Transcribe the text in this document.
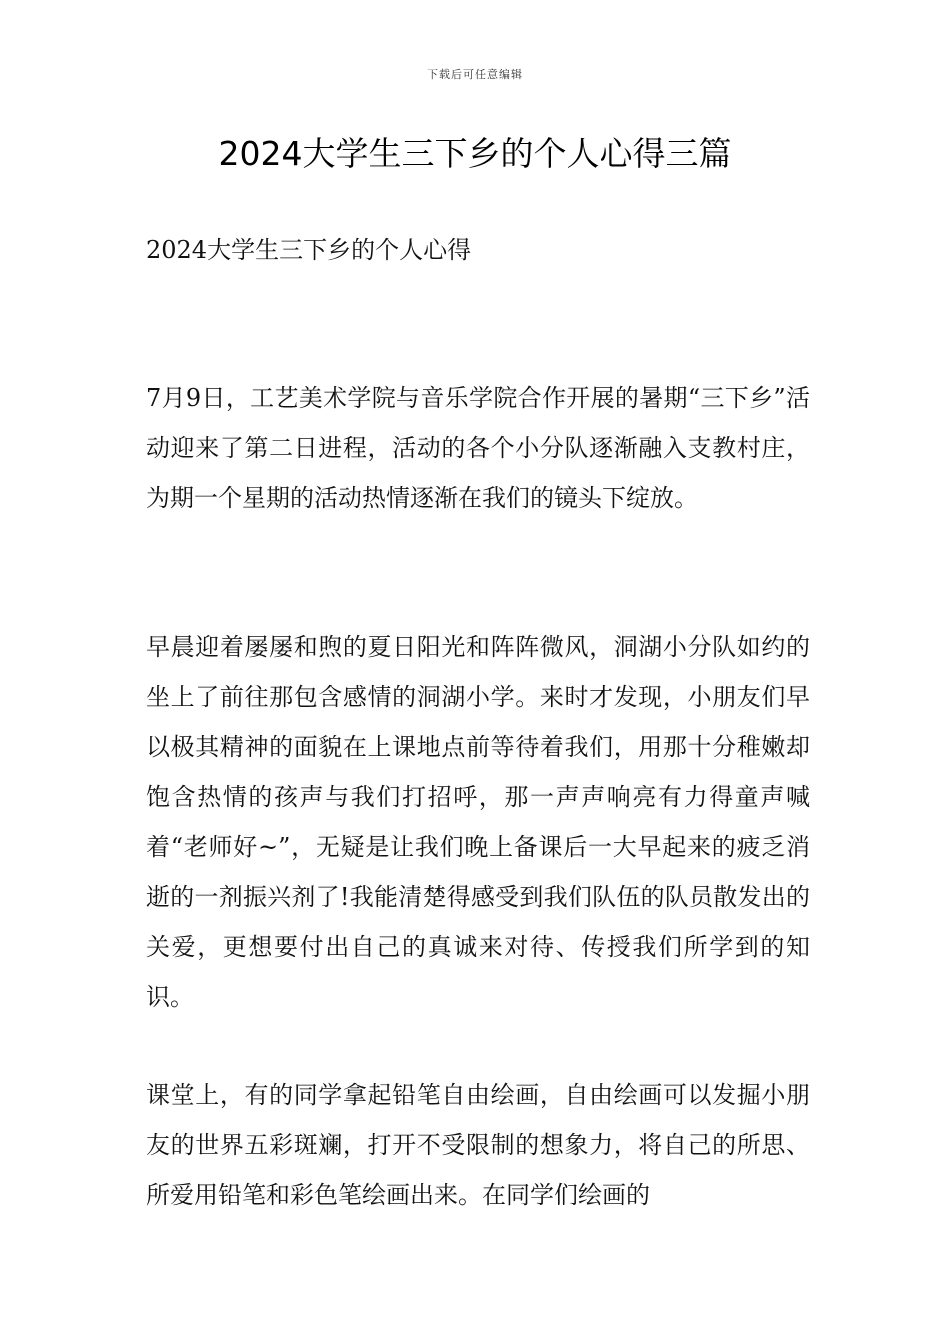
下载后可任意编辑
2024大学生三下乡的个人心得三篇

2024大学生三下乡的个人心得

7月9日，工艺美术学院与音乐学院合作开展的暑期“三下乡”活动迎来了第二日进程，活动的各个小分队逐渐融入支教村庄，为期一个星期的活动热情逐渐在我们的镜头下绽放。

早晨迎着屡屡和煦的夏日阳光和阵阵微风，洞湖小分队如约的坐上了前往那包含感情的洞湖小学。来时才发现，小朋友们早以极其精神的面貌在上课地点前等待着我们，用那十分稚嫩却饱含热情的孩声与我们打招呼，那一声声响亮有力得童声喊着“老师好~”，无疑是让我们晚上备课后一大早起来的疲乏消逝的一剂振兴剂了!我能清楚得感受到我们队伍的队员散发出的关爱，更想要付出自己的真诚来对待、传授我们所学到的知识。

课堂上，有的同学拿起铅笔自由绘画，自由绘画可以发掘小朋友的世界五彩斑斓，打开不受限制的想象力，将自己的所思、所爱用铅笔和彩色笔绘画出来。在同学们绘画的
